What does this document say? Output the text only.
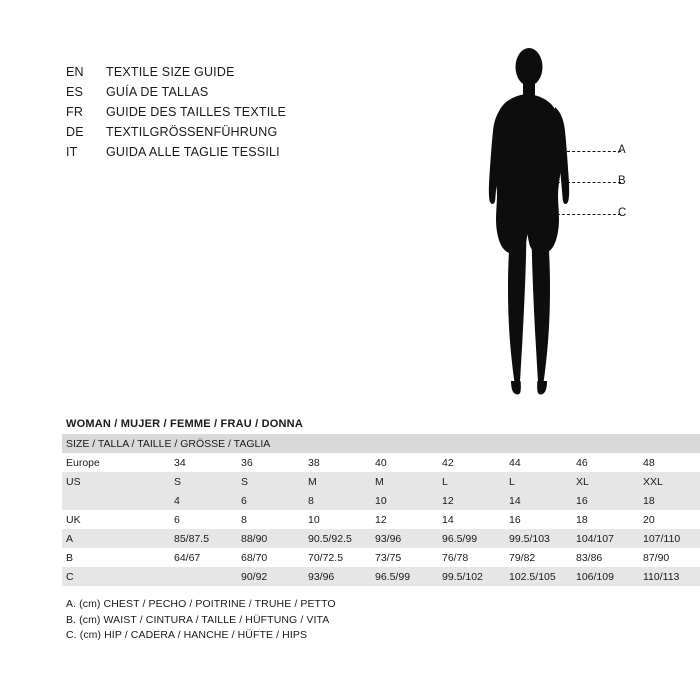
EN	TEXTILE SIZE GUIDE
ES	GUÍA DE TALLAS
FR	GUIDE DES TAILLES TEXTILE
DE	TEXTILGRÖSSENFÜHRUNG
IT	GUIDA ALLE TAGLIE TESSILI	A
B
C
WOMAN / MUJER / FEMME / FRAU / DONNA
SIZE / TALLA / TAILLE / GRÖSSE / TAGLIA								
Europe	34	36	38	40	42	44	46	48
US	S	S	M	M	L	L	XL	XXL
	4	6	8	10	12	14	16	18
UK	6	8	10	12	14	16	18	20
A	85/87.5	88/90	90.5/92.5	93/96	96.5/99	99.5/103	104/107	107/110
B	64/67	68/70	70/72.5	73/75	76/78	79/82	83/86	87/90
C		90/92	93/96	96.5/99	99.5/102	102.5/105	106/109	110/113
A. (cm) CHEST / PECHO / POITRINE / TRUHE / PETTO
B. (cm) WAIST / CINTURA / TAILLE / HÜFTUNG / VITA
C. (cm) HIP / CADERA / HANCHE / HÜFTE / HIPS
